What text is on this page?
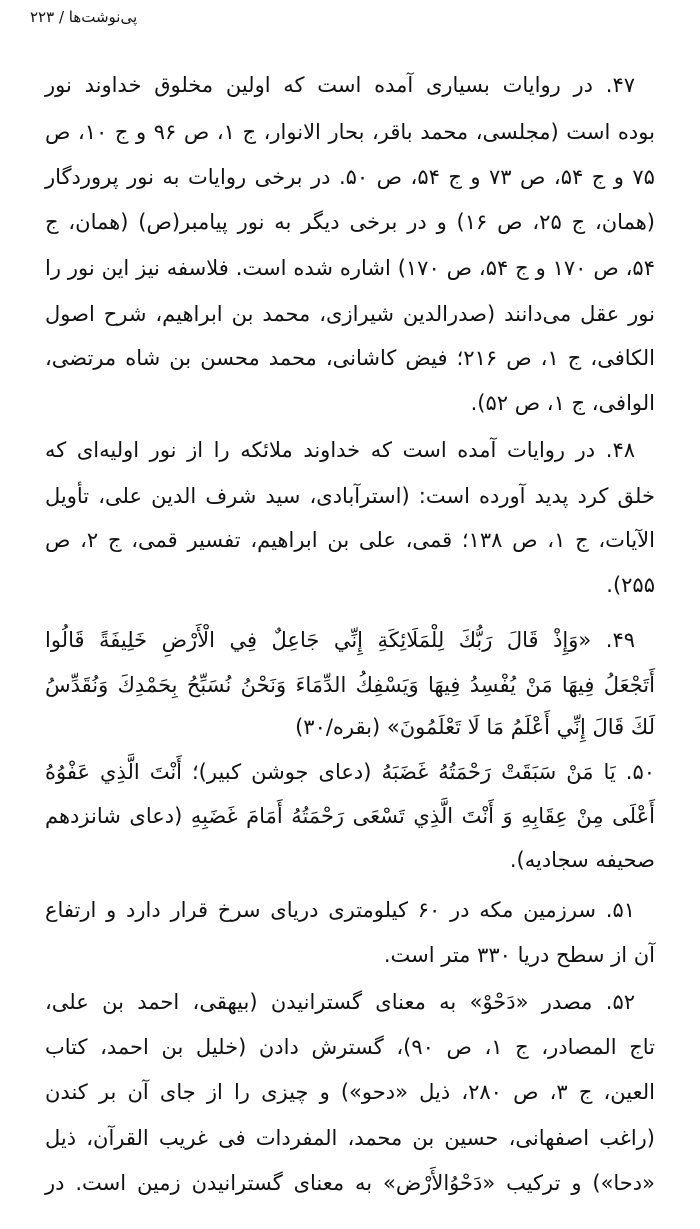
پی‌نوشت‌ها / ۲۲۳
۴۷. در روایات بسیاری آمده است که اولین مخلوق خداوند نور
بوده است (مجلسی، محمد باقر، بحار الانوار، ج ۱، ص ۹۶ و ج ۱۰، ص
۷۵ و ج ۵۴، ص ۷۳ و ج ۵۴، ص ۵۰. در برخی روایات به نور پروردگار
(همان، ج ۲۵، ص ۱۶) و در برخی دیگر به نور پیامبر(ص) (همان، ج
۵۴، ص ۱۷۰ و ج ۵۴، ص ۱۷۰) اشاره شده است. فلاسفه نیز این نور را
نور عقل می‌دانند (صدرالدین شیرازی، محمد بن ابراهیم، شرح اصول
الکافی، ج ۱، ص ۲۱۶؛ فیض کاشانی، محمد محسن بن شاه مرتضی،
الوافی، ج ۱، ص ۵۲).
۴۸. در روایات آمده است که خداوند ملائکه را از نور اولیه‌ای که
خلق کرد پدید آورده است: (استرآبادی، سید شرف الدین علی، تأویل
الآیات، ج ۱، ص ۱۳۸؛ قمی، علی بن ابراهیم، تفسیر قمی، ج ۲، ص
۲۵۵).
۴۹. «وَإِذْ قَالَ رَبُّكَ لِلْمَلَائِكَةِ إِنِّي جَاعِلٌ فِي الْأَرْضِ خَلِيفَةً قَالُوا
أَتَجْعَلُ فِيهَا مَنْ يُفْسِدُ فِيهَا وَيَسْفِكُ الدِّمَاءَ وَنَحْنُ نُسَبِّحُ بِحَمْدِكَ وَنُقَدِّسُ
لَكَ قَالَ إِنِّي أَعْلَمُ مَا لَا تَعْلَمُونَ» (بقره/۳۰)
۵۰. یَا مَنْ سَبَقَتْ رَحْمَتُهُ غَضَبَهُ (دعای جوشن کبیر)؛ أَنْتَ الَّذِي عَفْوُهُ
أَعْلَى مِنْ عِقَابِهِ وَ أَنْتَ الَّذِي تَسْعَى رَحْمَتُهُ أَمَامَ غَضَبِهِ (دعای شانزدهم
صحیفه سجادیه).
۵۱. سرزمین مکه در ۶۰ کیلومتری دریای سرخ قرار دارد و ارتفاع
آن از سطح دریا ۳۳۰ متر است.
۵۲. مصدر «دَحْوْ» به معنای گسترانیدن (بیهقی، احمد بن علی،
تاج المصادر، ج ۱، ص ۹۰)، گسترش دادن (خلیل بن احمد، کتاب
العین، ج ۳، ص ۲۸۰، ذیل «دحو») و چیزی را از جای آن بر کندن
(راغب اصفهانی، حسین بن محمد، المفردات فی غریب القرآن، ذیل
«دحا») و ترکیب «دَحْوُالأَرْض» به معنای گسترانیدن زمین است. در
